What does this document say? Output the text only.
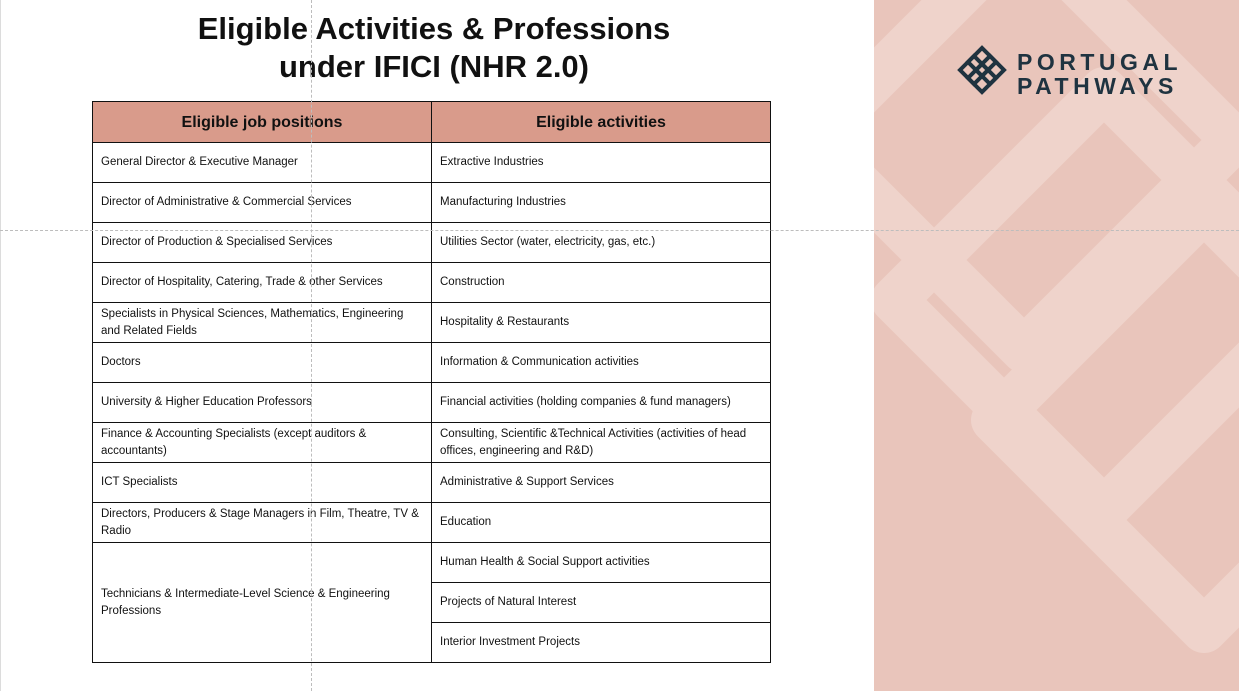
Eligible Activities & Professions
under IFICI (NHR 2.0)
Eligible job positions	Eligible activities
General Director & Executive Manager	Extractive Industries
Director of Administrative & Commercial Services	Manufacturing Industries
Director of Production & Specialised Services	Utilities Sector (water, electricity, gas, etc.)
Director of Hospitality, Catering, Trade & other Services	Construction
Specialists in Physical Sciences, Mathematics, Engineering and Related Fields	Hospitality & Restaurants
Doctors	Information & Communication activities
University & Higher Education Professors	Financial activities (holding companies & fund managers)
Finance & Accounting Specialists (except auditors & accountants)	Consulting, Scientific &Technical Activities (activities of head offices, engineering and R&D)
ICT Specialists	Administrative & Support Services
Directors, Producers & Stage Managers in Film, Theatre, TV & Radio	Education
Technicians & Intermediate-Level Science & Engineering Professions	Human Health & Social Support activities
	Projects of Natural Interest
	Interior Investment Projects
PORTUGAL
PATHWAYS
